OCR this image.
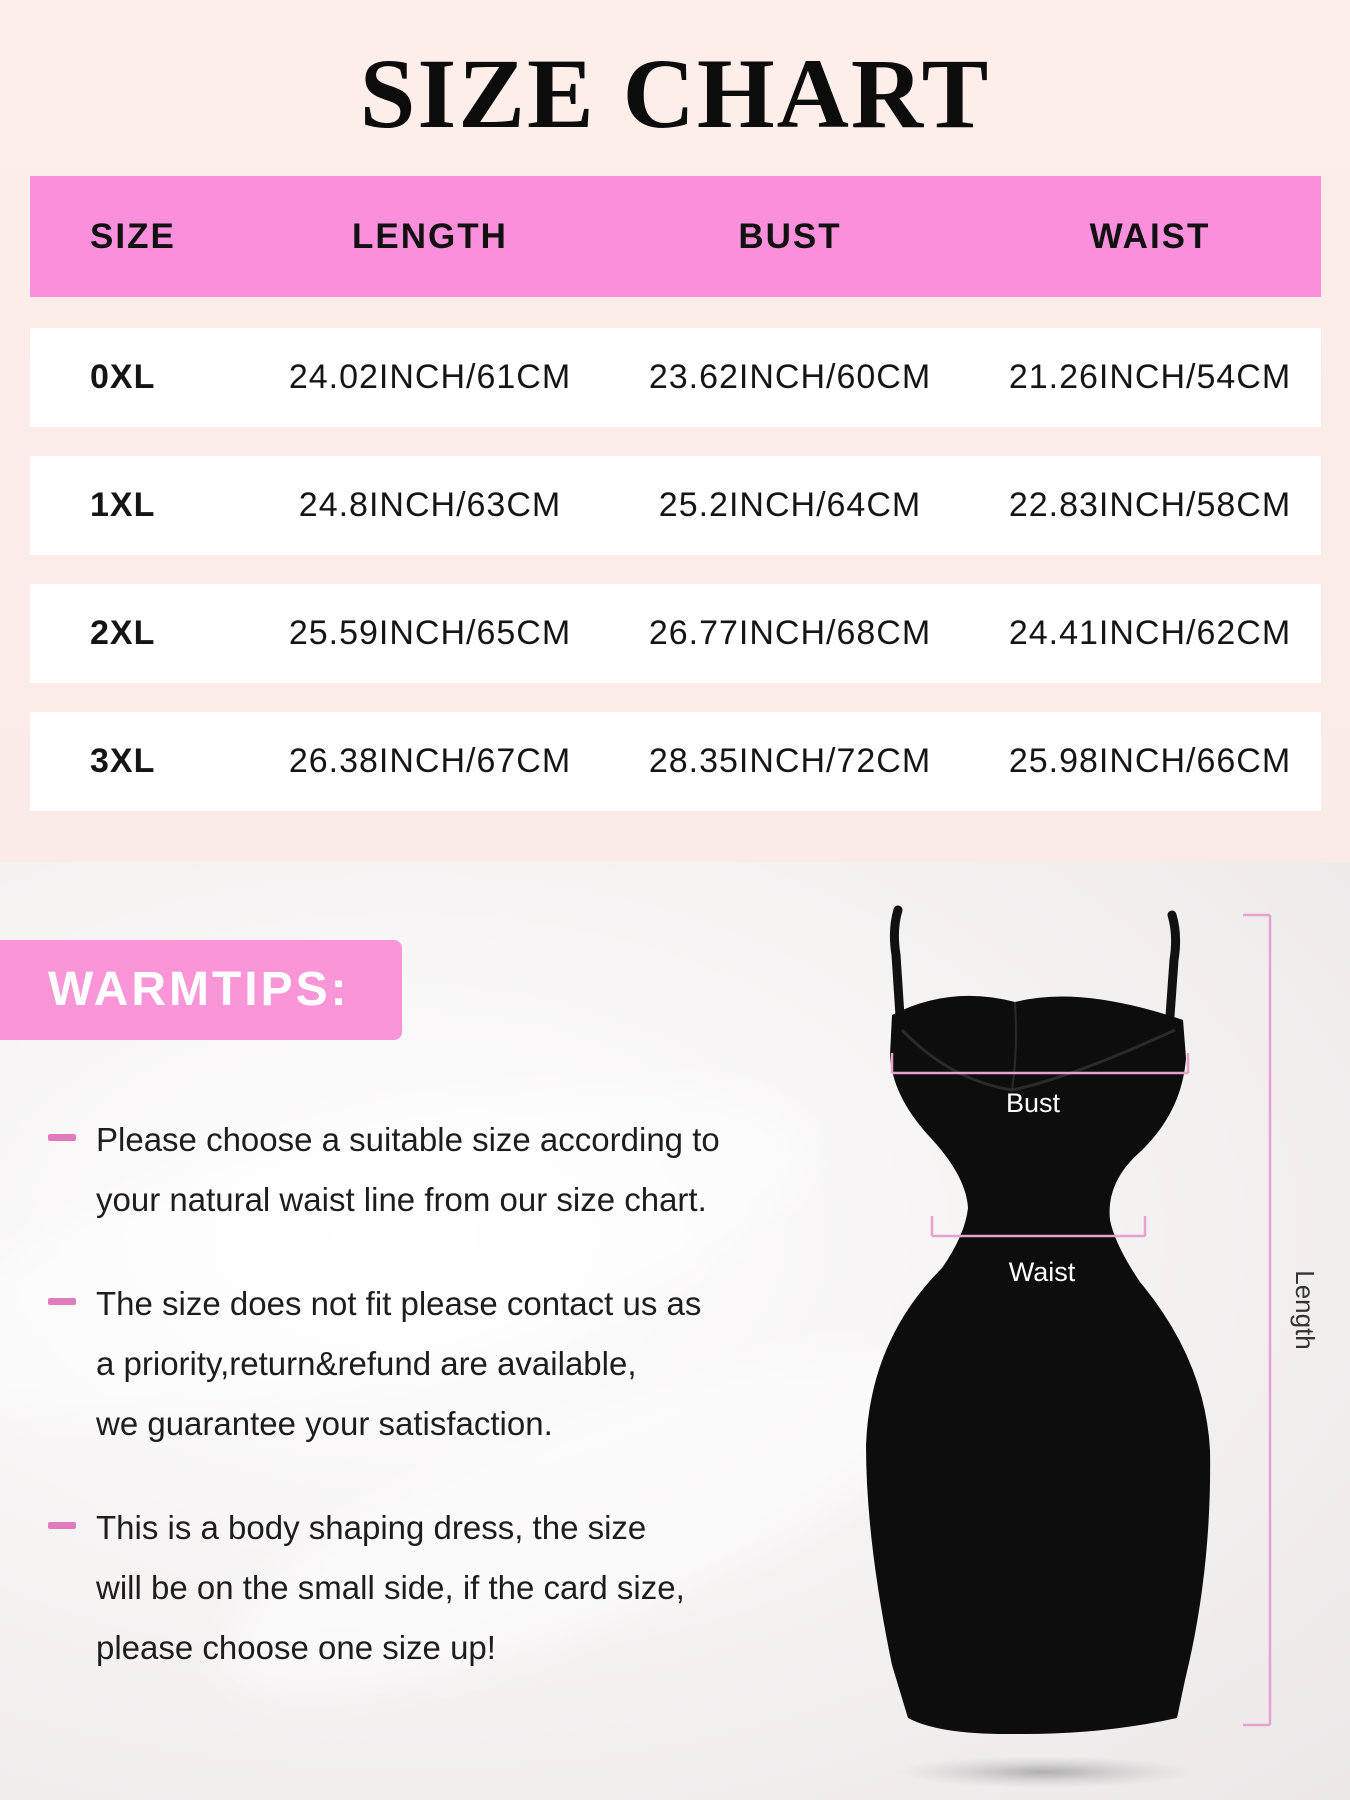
SIZE CHART
SIZE	LENGTH	BUST	WAIST
0XL	24.02INCH/61CM	23.62INCH/60CM	21.26INCH/54CM
1XL	24.8INCH/63CM	25.2INCH/64CM	22.83INCH/58CM
2XL	25.59INCH/65CM	26.77INCH/68CM	24.41INCH/62CM
3XL	26.38INCH/67CM	28.35INCH/72CM	25.98INCH/66CM

WARMTIPS:

Please choose a suitable size according to
your natural waist line from our size chart.
The size does not fit please contact us as
a priority,return&refund are available,
we guarantee your satisfaction.
This is a body shaping dress, the size
will be on the small side, if the card size,
please choose one size up!
Bust
Waist	Length
